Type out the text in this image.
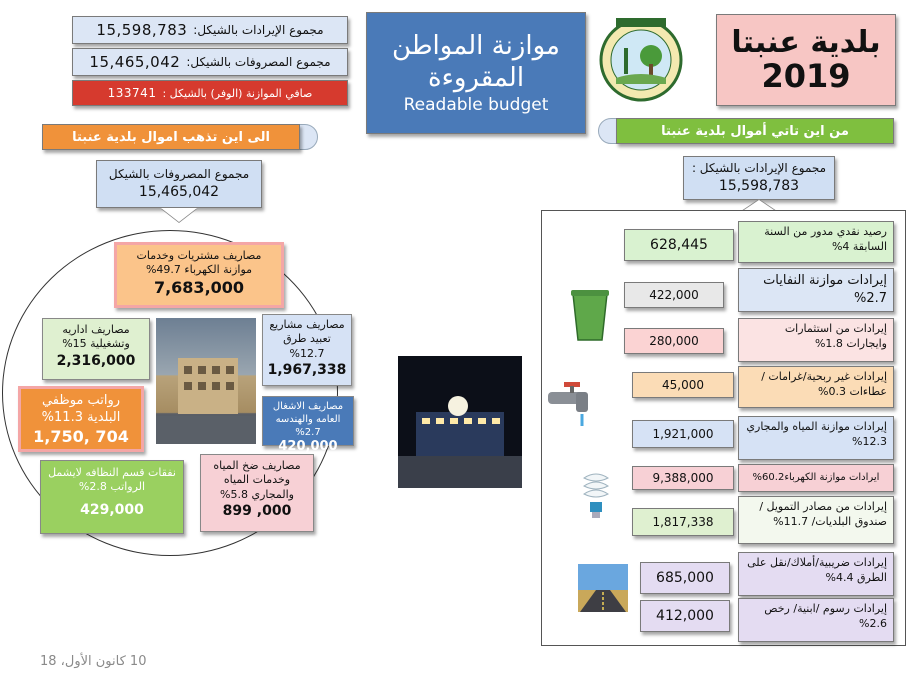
بلدية عنبتا
2019
موازنة المواطن
المقروءة
Readable budget
مجموع الإيرادات بالشيكل:
15,598,783
مجموع المصروفات بالشيكل:
15,465,042
صافي الموازنة (الوفر) بالشيكل :
133741
الى اين تذهب اموال بلدية عنبتا	من اين تاتي أموال بلدية عنبتا
مجموع المصروفات بالشيكل
15,465,042
مجموع الإيرادات بالشيكل :
15,598,783
مصاريف مشتريات وخدمات موازنة الكهرباء 49.7%
7,683,000
مصاريف اداريه وتشغيلية 15%
2,316,000
مصاريف مشاريع تعبيد طرق 12.7%
1,967,338
رواتب موظفي البلدية 11.3%
1,750, 704
مصاريف الاشغال العامه والهندسه 2.7%
420,000
نفقات قسم النظافه لايشمل الرواتب 2.8%
429,000
مصاريف ضخ المياه وخدمات المياه والمجاري 5.8%
899 ,000
628,445
رصيد نقدي مدور من السنة السابقة 4%
422,000
إيرادات موازنة النفايات 2.7%
280,000
إيرادات من استثمارات وايجارات 1.8%
45,000
إيرادات غير ربحية/غرامات /عطاءات 0.3%
1,921,000
إيرادات موازنة المياه والمجاري 12.3%
9,388,000	ايرادات موازنة الكهرباء60.2%
1,817,338
إيرادات من مصادر التمويل /صندوق البلديات/ 11.7%
685,000
إيرادات ضريبية/أملاك/نقل على الطرق 4.4%
412,000	إيرادات رسوم /ابنية/ رخص 2.6%
10 كانون الأول، 18
